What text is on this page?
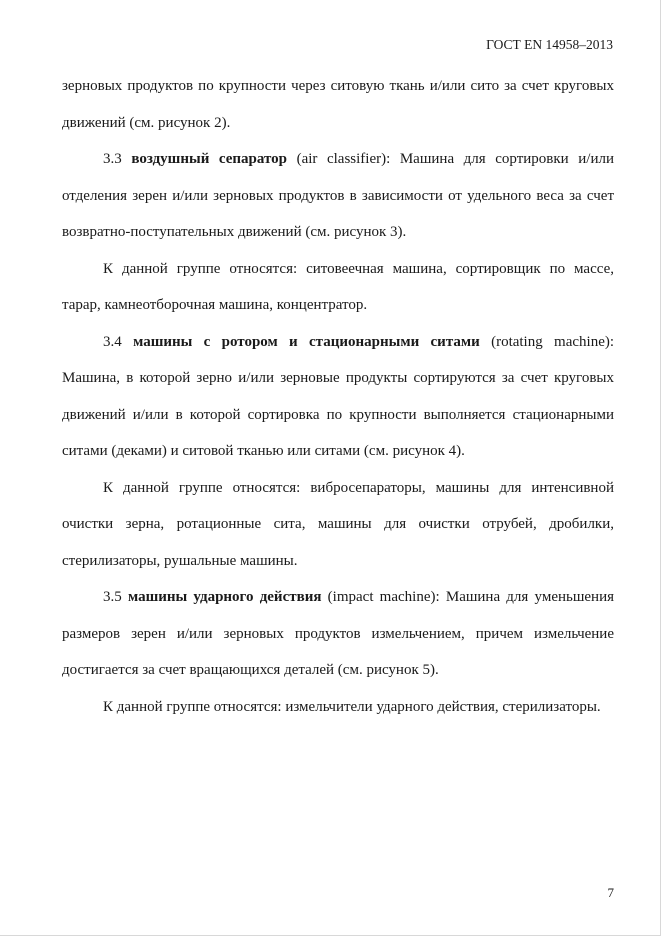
ГОСТ EN 14958–2013

зерновых продуктов по крупности через ситовую ткань и/или сито за счет круговых движений (см. рисунок 2).

3.3 воздушный сепаратор (air classifier): Машина для сортировки и/или отделения зерен и/или зерновых продуктов в зависимости от удельного веса за счет возвратно-поступательных движений (см. рисунок 3).

К данной группе относятся: ситовеечная машина, сортировщик по массе, тарар, камнеотборочная машина, концентратор.

3.4 машины с ротором и стационарными ситами (rotating machine): Машина, в которой зерно и/или зерновые продукты сортируются за счет круговых движений и/или в которой сортировка по крупности выполняется стационарными ситами (деками) и ситовой тканью или ситами (см. рисунок 4).

К данной группе относятся: вибросепараторы, машины для интенсивной очистки зерна, ротационные сита, машины для очистки отрубей, дробилки, стерилизаторы, рушальные машины.

3.5 машины ударного действия (impact machine): Машина для уменьшения размеров зерен и/или зерновых продуктов измельчением, причем измельчение достигается за счет вращающихся деталей (см. рисунок 5).

К данной группе относятся: измельчители ударного действия, стерилизаторы.

7
